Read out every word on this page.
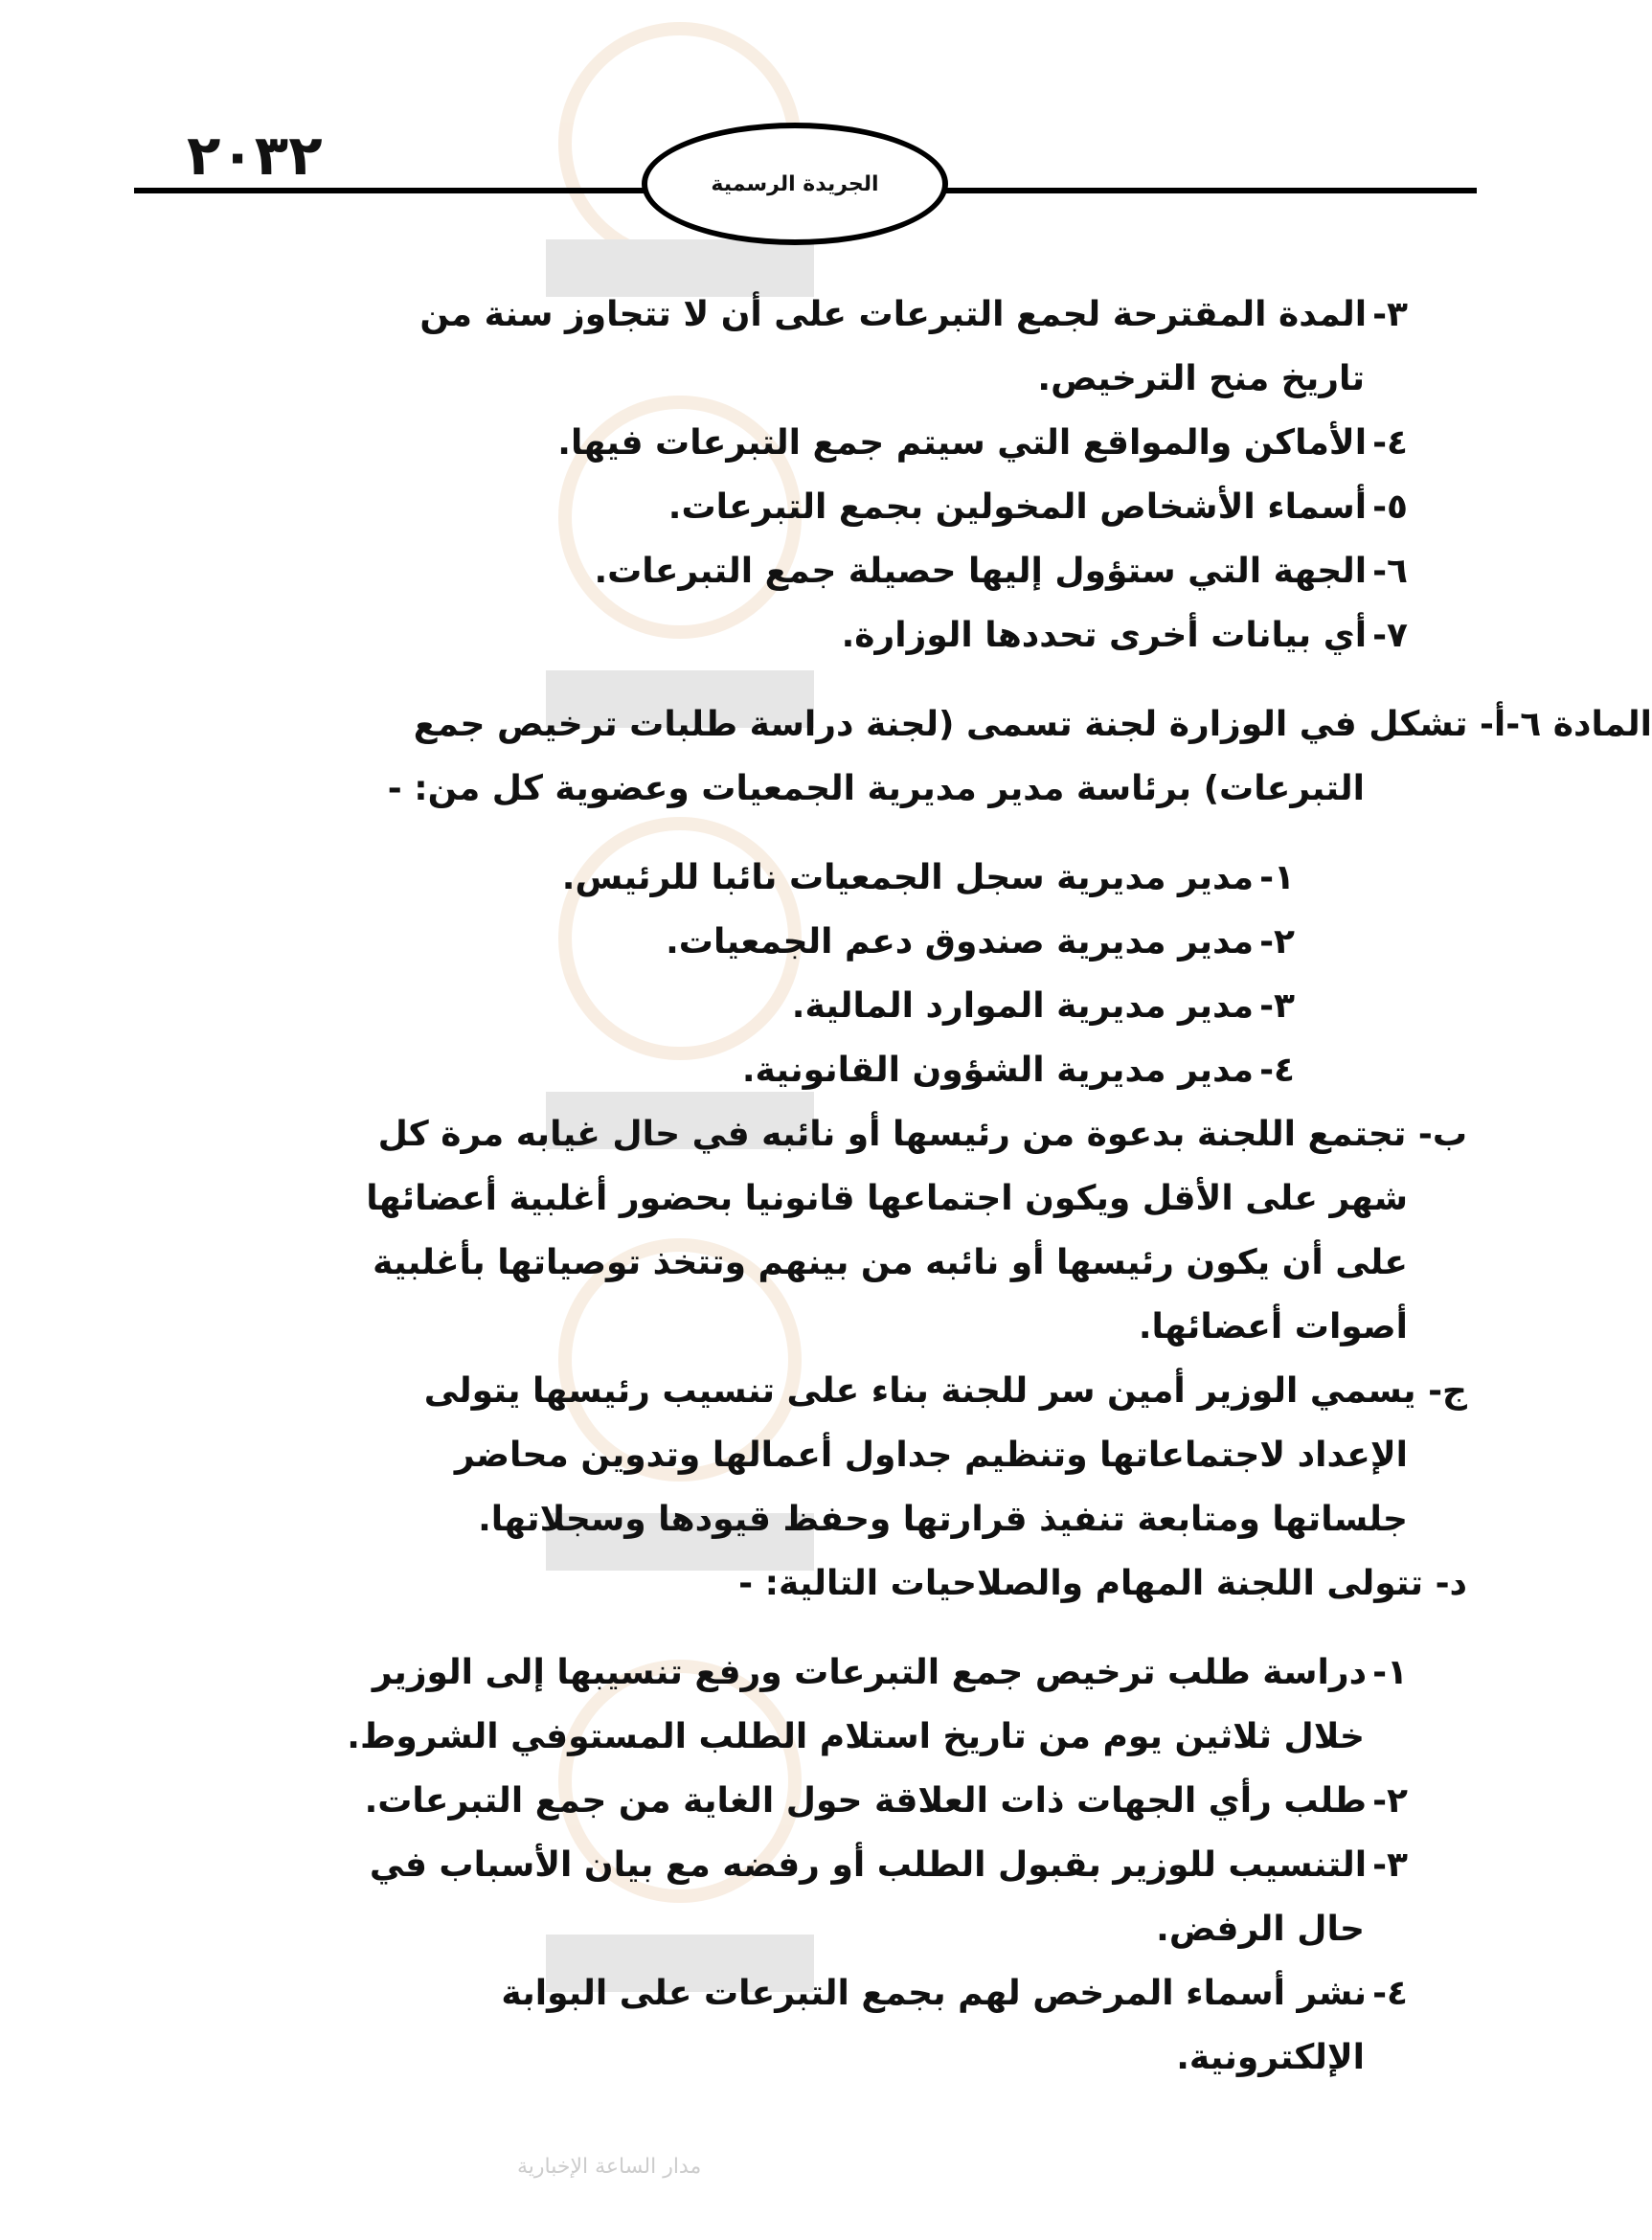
٢٠٣٢	الجريدة الرسمية

٣-المدة المقترحة لجمع التبرعات على أن لا تتجاوز سنة من

تاريخ منح الترخيص.

٤-الأماكن والمواقع التي سيتم جمع التبرعات فيها.

٥-أسماء الأشخاص المخولين بجمع التبرعات.

٦-الجهة التي ستؤول إليها حصيلة جمع التبرعات.

٧-أي بيانات أخرى تحددها الوزارة.

المادة ٦-أ- تشكل في الوزارة لجنة تسمى (لجنة دراسة طلبات ترخيص جمع

التبرعات) برئاسة مدير مديرية الجمعيات وعضوية كل من: -

١-مدير مديرية سجل الجمعيات نائبا للرئيس.

٢-مدير مديرية صندوق دعم الجمعيات.

٣-مدير مديرية الموارد المالية.

٤-مدير مديرية الشؤون القانونية.

ب- تجتمع اللجنة بدعوة من رئيسها أو نائبه في حال غيابه مرة كل

شهر على الأقل ويكون اجتماعها قانونيا بحضور أغلبية أعضائها

على أن يكون رئيسها أو نائبه من بينهم وتتخذ توصياتها بأغلبية

أصوات أعضائها.

ج- يسمي الوزير أمين سر للجنة بناء على تنسيب رئيسها يتولى

الإعداد لاجتماعاتها وتنظيم جداول أعمالها وتدوين محاضر

جلساتها ومتابعة تنفيذ قرارتها وحفظ قيودها وسجلاتها.

د- تتولى اللجنة المهام والصلاحيات التالية: -

١-دراسة طلب ترخيص جمع التبرعات ورفع تنسيبها إلى الوزير

خلال ثلاثين يوم من تاريخ استلام الطلب المستوفي الشروط.

٢-طلب رأي الجهات ذات العلاقة حول الغاية من جمع التبرعات.

٣-التنسيب للوزير بقبول الطلب أو رفضه مع بيان الأسباب في

حال الرفض.

٤-نشر أسماء المرخص لهم بجمع التبرعات على البوابة

الإلكترونية.

مدار الساعة الإخبارية
